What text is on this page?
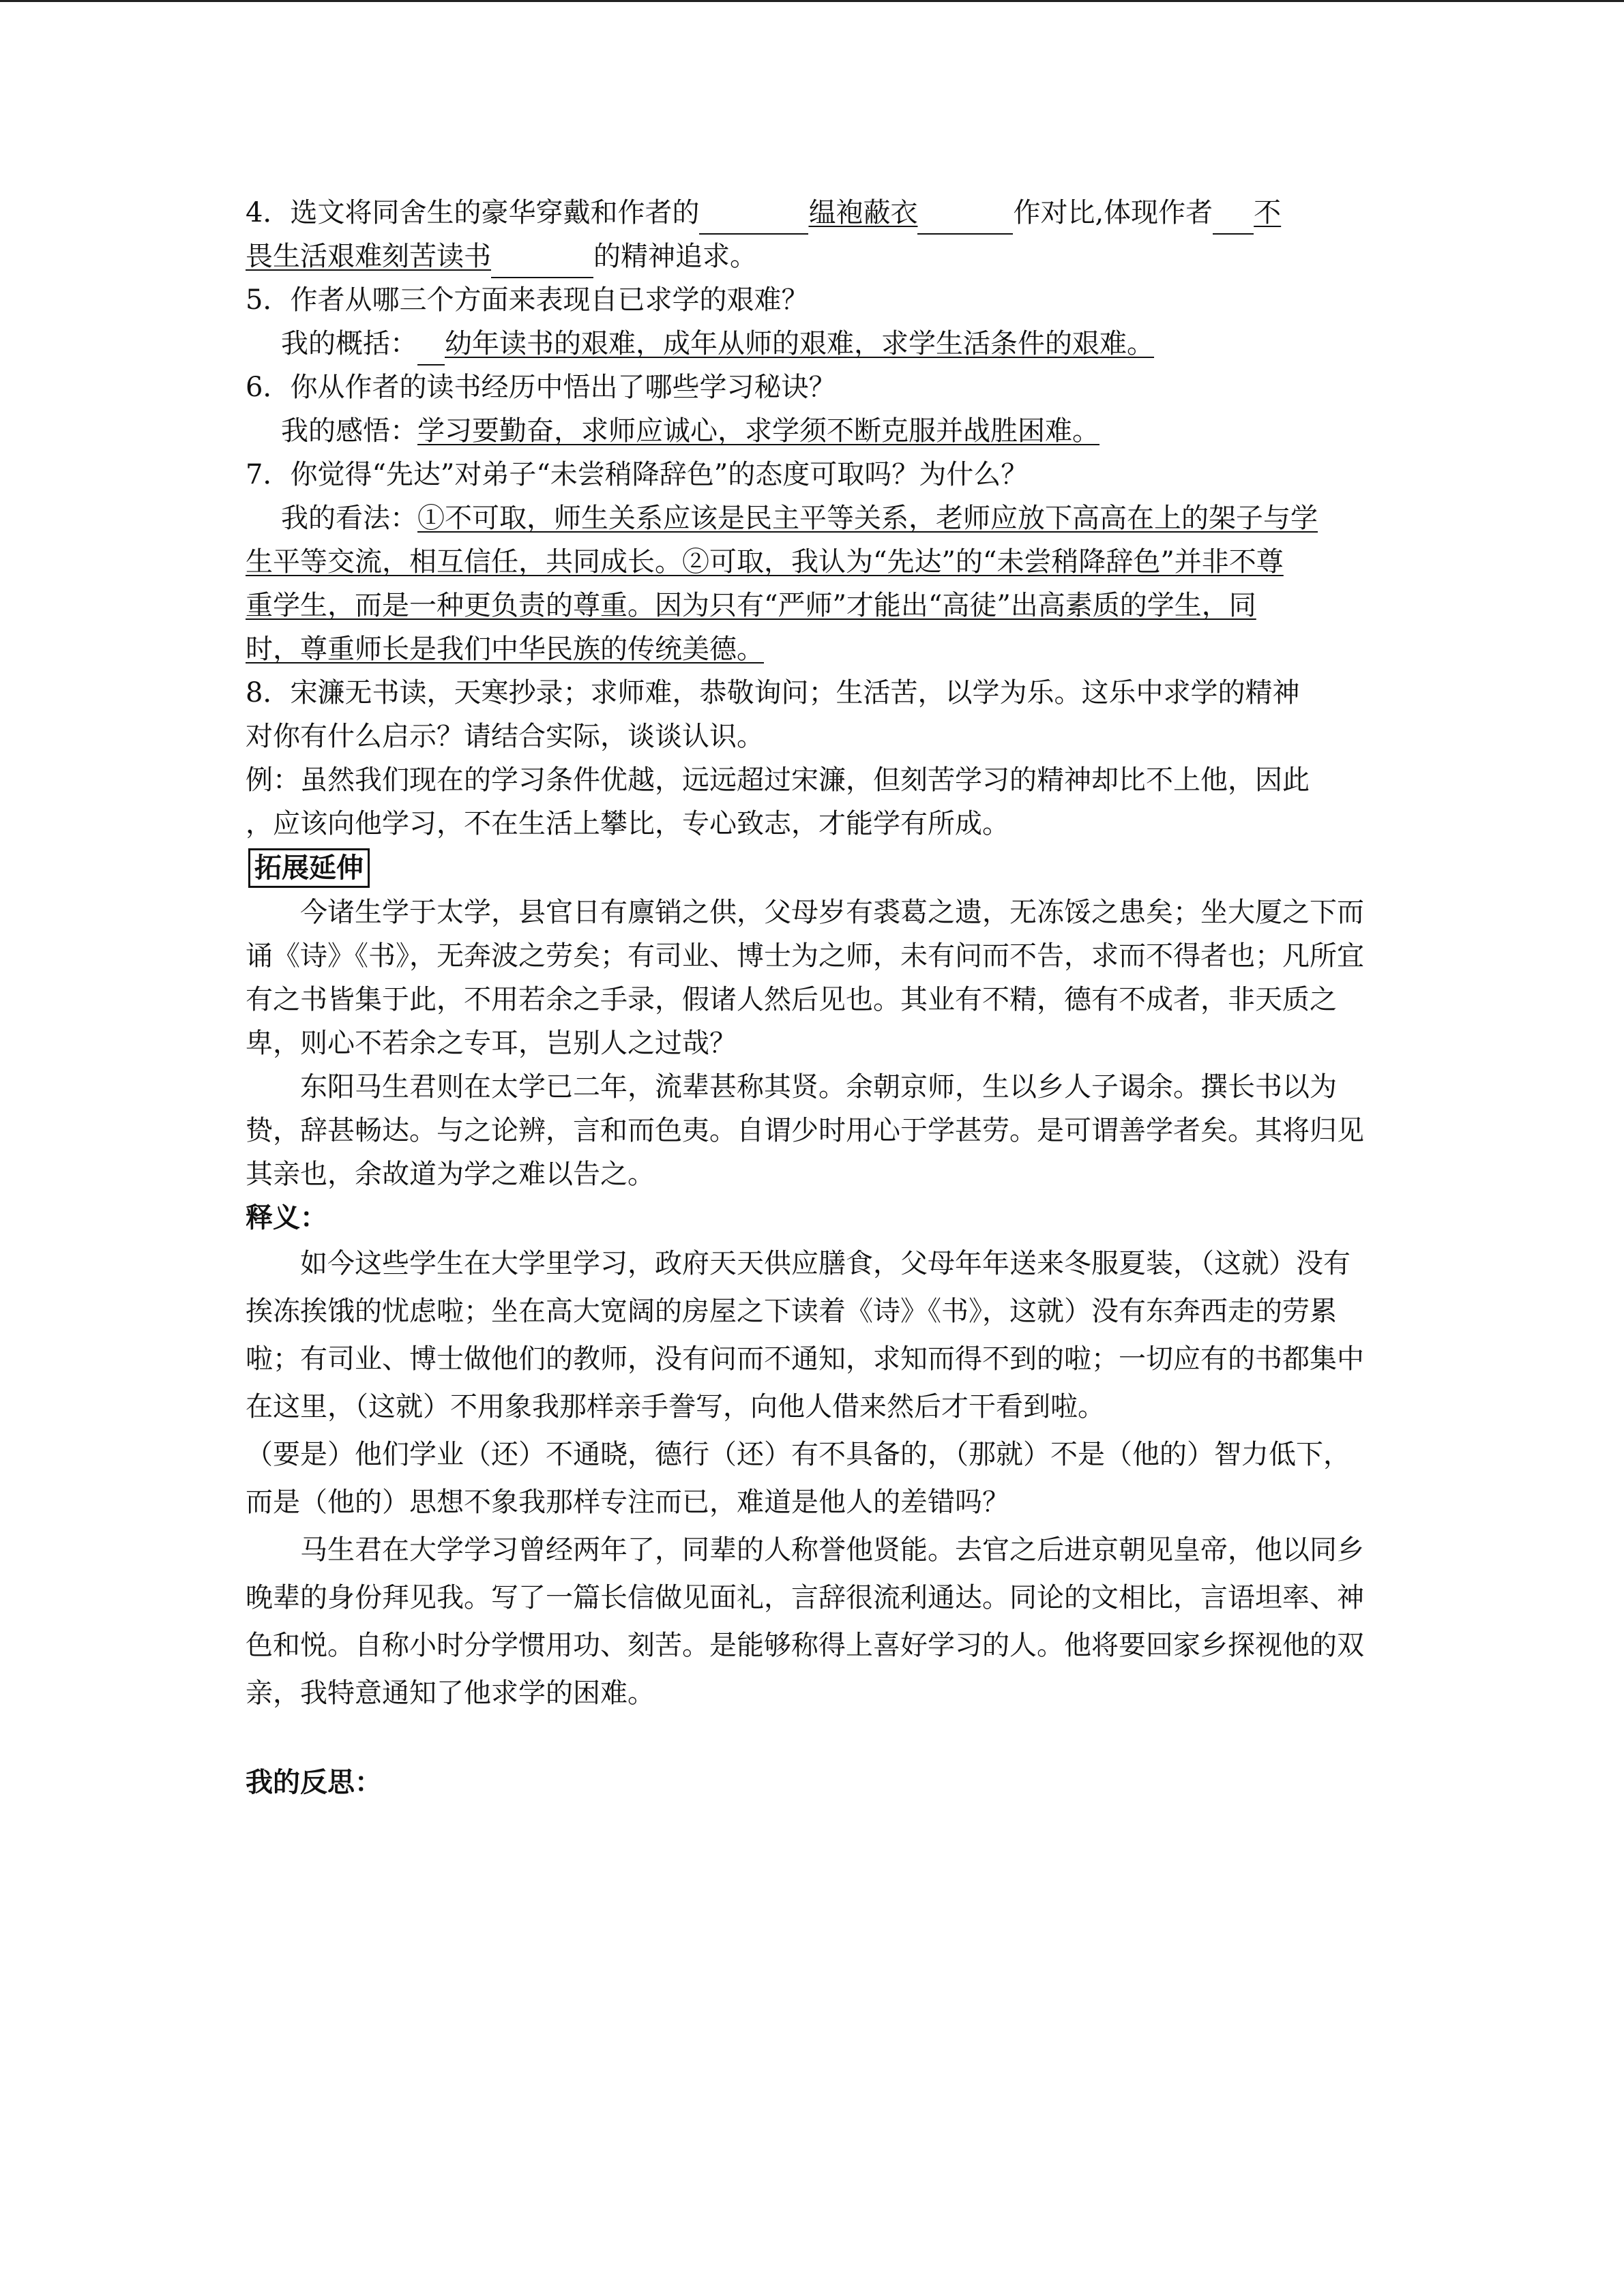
4．选文将同舍生的豪华穿戴和作者的	缊袍蔽衣	作对比,体现作者 不
畏生活艰难刻苦读书	的精神追求。
5．作者从哪三个方面来表现自已求学的艰难？
我的概括： 幼年读书的艰难，成年从师的艰难，求学生活条件的艰难。
6．你从作者的读书经历中悟出了哪些学习秘诀？
我的感悟：学习要勤奋，求师应诚心，求学须不断克服并战胜困难。
7．你觉得“先达”对弟子“未尝稍降辞色”的态度可取吗？为什么？
我的看法：①不可取，师生关系应该是民主平等关系，老师应放下高高在上的架子与学
生平等交流，相互信任，共同成长。②可取，我认为“先达”的“未尝稍降辞色”并非不尊
重学生，而是一种更负责的尊重。因为只有“严师”才能出“高徒”出高素质的学生，同
时，尊重师长是我们中华民族的传统美德。
8．宋濂无书读，天寒抄录；求师难，恭敬询问；生活苦，以学为乐。这乐中求学的精神
对你有什么启示？请结合实际，谈谈认识。
例：虽然我们现在的学习条件优越，远远超过宋濂，但刻苦学习的精神却比不上他，因此
，应该向他学习，不在生活上攀比，专心致志，才能学有所成。
拓展延伸
今诸生学于太学，县官日有廪销之供，父母岁有裘葛之遗，无冻馁之患矣；坐大厦之下而诵《诗》《书》，无奔波之劳矣；有司业、博士为之师，未有问而不告，求而不得者也；凡所宜有之书皆集于此，不用若余之手录，假诸人然后见也。其业有不精，德有不成者，非天质之卑，则心不若余之专耳，岂别人之过哉？
东阳马生君则在太学已二年，流辈甚称其贤。余朝京师，生以乡人子谒余。撰长书以为贽，辞甚畅达。与之论辨，言和而色夷。自谓少时用心于学甚劳。是可谓善学者矣。其将归见其亲也，余故道为学之难以告之。
释义：
如今这些学生在大学里学习，政府天天供应膳食，父母年年送来冬服夏装，（这就）没有挨冻挨饿的忧虑啦；坐在高大宽阔的房屋之下读着《诗》《书》，这就）没有东奔西走的劳累啦；有司业、博士做他们的教师，没有问而不通知，求知而得不到的啦；一切应有的书都集中在这里，（这就）不用象我那样亲手誊写，向他人借来然后才干看到啦。
（要是）他们学业（还）不通晓，德行（还）有不具备的，（那就）不是（他的）智力低下，而是（他的）思想不象我那样专注而已，难道是他人的差错吗？
马生君在大学学习曾经两年了，同辈的人称誉他贤能。去官之后进京朝见皇帝，他以同乡晚辈的身份拜见我。写了一篇长信做见面礼，言辞很流利通达。同论的文相比，言语坦率、神色和悦。自称小时分学惯用功、刻苦。是能够称得上喜好学习的人。他将要回家乡探视他的双亲，我特意通知了他求学的困难。
我的反思：
